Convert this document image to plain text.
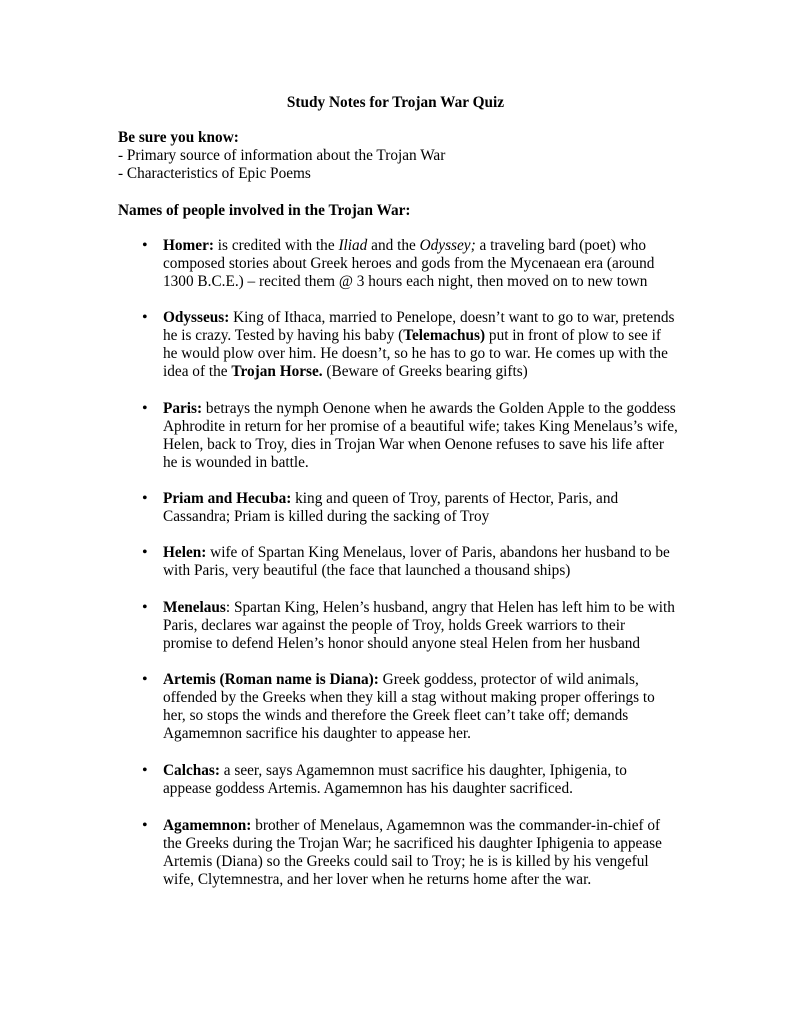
Study Notes for Trojan War Quiz
Be sure you know:
- Primary source of information about the Trojan War
- Characteristics of Epic Poems
Names of people involved in the Trojan War:
• Homer: is credited with the Iliad and the Odyssey; a traveling bard (poet) who composed stories about Greek heroes and gods from the Mycenaean era (around 1300 B.C.E.) – recited them @ 3 hours each night, then moved on to new town
• Odysseus: King of Ithaca, married to Penelope, doesn’t want to go to war, pretends he is crazy. Tested by having his baby (Telemachus) put in front of plow to see if he would plow over him. He doesn’t, so he has to go to war. He comes up with the idea of the Trojan Horse. (Beware of Greeks bearing gifts)
• Paris: betrays the nymph Oenone when he awards the Golden Apple to the goddess Aphrodite in return for her promise of a beautiful wife; takes King Menelaus’s wife, Helen, back to Troy, dies in Trojan War when Oenone refuses to save his life after he is wounded in battle.
• Priam and Hecuba: king and queen of Troy, parents of Hector, Paris, and Cassandra; Priam is killed during the sacking of Troy
• Helen: wife of Spartan King Menelaus, lover of Paris, abandons her husband to be with Paris, very beautiful (the face that launched a thousand ships)
• Menelaus: Spartan King, Helen’s husband, angry that Helen has left him to be with Paris, declares war against the people of Troy, holds Greek warriors to their promise to defend Helen’s honor should anyone steal Helen from her husband
• Artemis (Roman name is Diana): Greek goddess, protector of wild animals, offended by the Greeks when they kill a stag without making proper offerings to her, so stops the winds and therefore the Greek fleet can’t take off; demands Agamemnon sacrifice his daughter to appease her.
• Calchas: a seer, says Agamemnon must sacrifice his daughter, Iphigenia, to appease goddess Artemis. Agamemnon has his daughter sacrificed.
• Agamemnon: brother of Menelaus, Agamemnon was the commander-in-chief of the Greeks during the Trojan War; he sacrificed his daughter Iphigenia to appease Artemis (Diana) so the Greeks could sail to Troy; he is is killed by his vengeful wife, Clytemnestra, and her lover when he returns home after the war.
